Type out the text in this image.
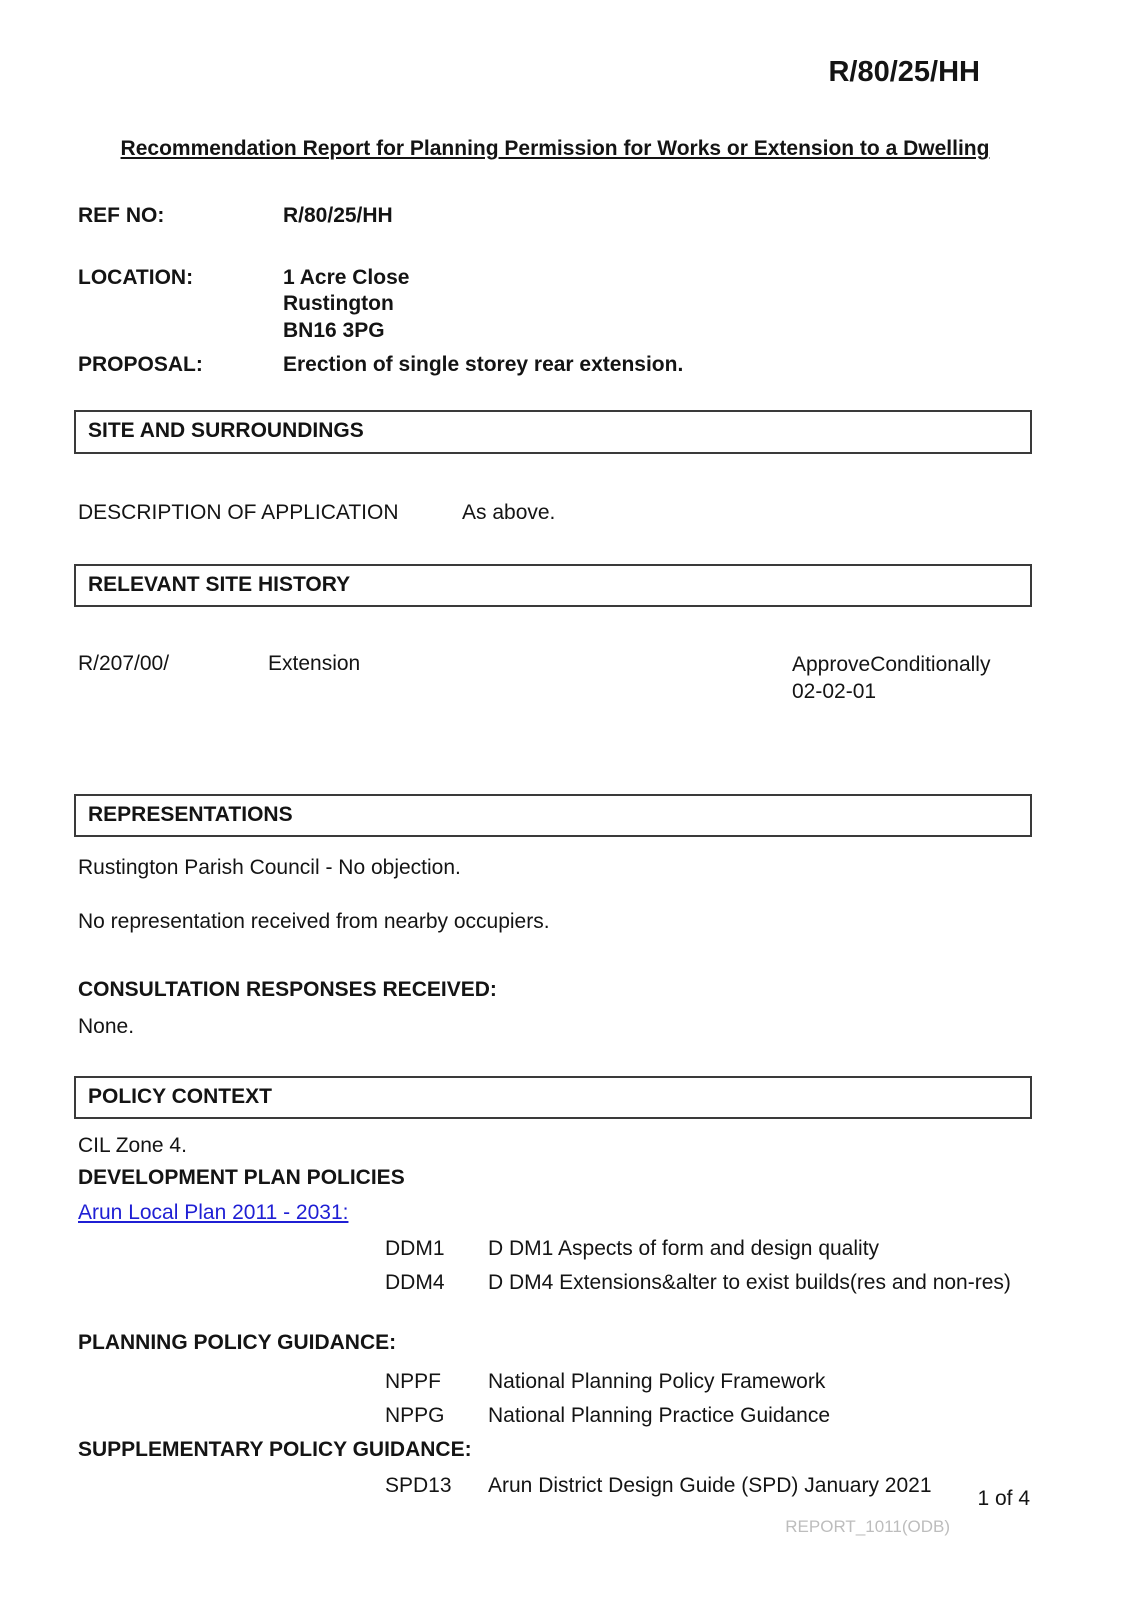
R/80/25/HH
Recommendation Report for Planning Permission for Works or Extension to a Dwelling
REF NO:	R/80/25/HH
LOCATION:	1 Acre Close
Rustington
BN16 3PG
PROPOSAL:	Erection of single storey rear extension.
SITE AND SURROUNDINGS
DESCRIPTION OF APPLICATION	As above.
RELEVANT SITE HISTORY
R/207/00/	Extension	ApproveConditionally
02-02-01
REPRESENTATIONS
Rustington Parish Council - No objection.
No representation received from nearby occupiers.
CONSULTATION RESPONSES RECEIVED:
None.
POLICY CONTEXT
CIL Zone 4.
DEVELOPMENT PLAN POLICIES
Arun Local Plan 2011 - 2031:
DDM1	D DM1 Aspects of form and design quality
DDM4	D DM4 Extensions&alter to exist builds(res and non-res)
PLANNING POLICY GUIDANCE:
NPPF	National Planning Policy Framework
NPPG	National Planning Practice Guidance
SUPPLEMENTARY POLICY GUIDANCE:
SPD13	Arun District Design Guide (SPD) January 2021
REPORT_1011(ODB)
1 of 4
